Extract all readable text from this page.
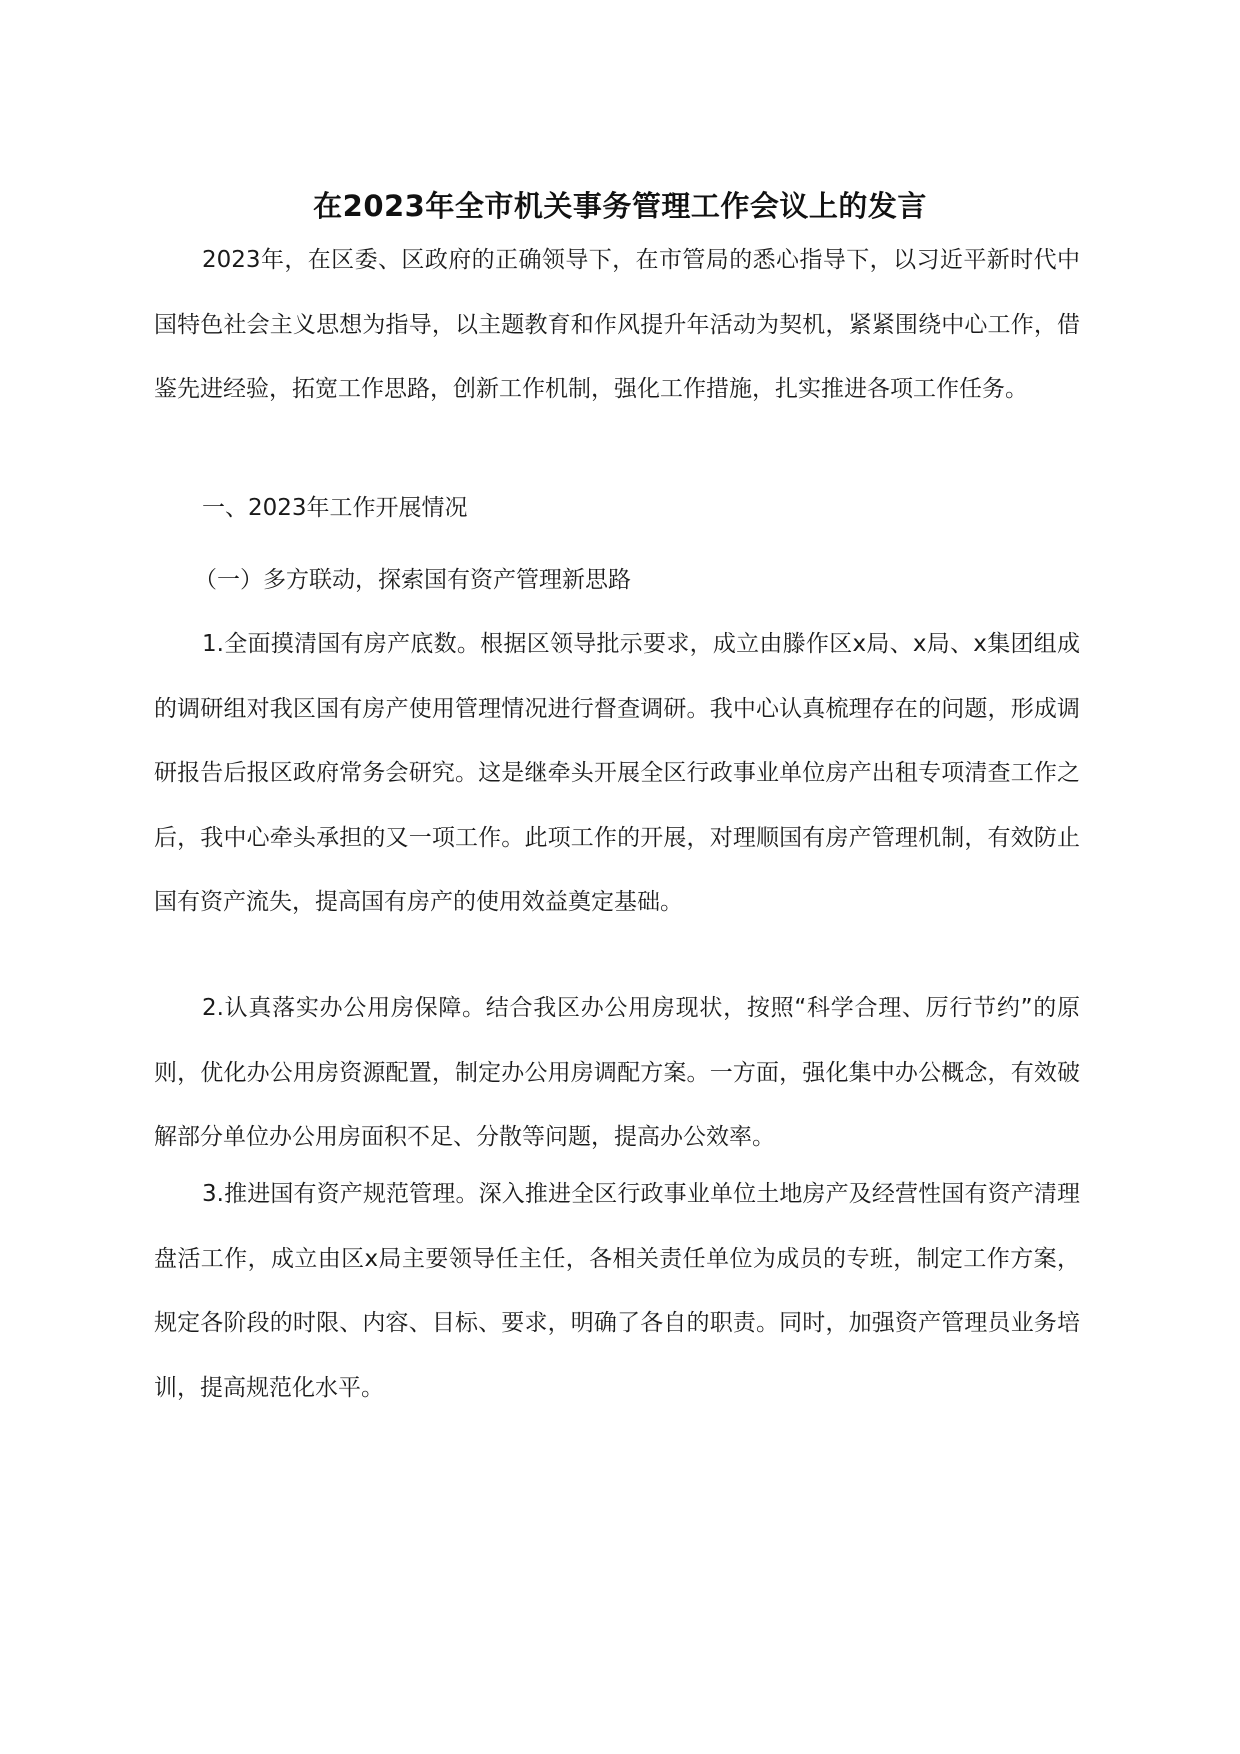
在2023年全市机关事务管理工作会议上的发言

2023年，在区委、区政府的正确领导下，在市管局的悉心指导下，以习近平新时代中国特色社会主义思想为指导，以主题教育和作风提升年活动为契机，紧紧围绕中心工作，借鉴先进经验，拓宽工作思路，创新工作机制，强化工作措施，扎实推进各项工作任务。

一、2023年工作开展情况

（一）多方联动，探索国有资产管理新思路

1.全面摸清国有房产底数。根据区领导批示要求，成立由滕作区x局、x局、x集团组成的调研组对我区国有房产使用管理情况进行督查调研。我中心认真梳理存在的问题，形成调研报告后报区政府常务会研究。这是继牵头开展全区行政事业单位房产出租专项清查工作之后，我中心牵头承担的又一项工作。此项工作的开展，对理顺国有房产管理机制，有效防止国有资产流失，提高国有房产的使用效益奠定基础。

2.认真落实办公用房保障。结合我区办公用房现状，按照“科学合理、厉行节约”的原则，优化办公用房资源配置，制定办公用房调配方案。一方面，强化集中办公概念，有效破解部分单位办公用房面积不足、分散等问题，提高办公效率。

3.推进国有资产规范管理。深入推进全区行政事业单位土地房产及经营性国有资产清理盘活工作，成立由区x局主要领导任主任，各相关责任单位为成员的专班，制定工作方案，规定各阶段的时限、内容、目标、要求，明确了各自的职责。同时，加强资产管理员业务培训，提高规范化水平。
